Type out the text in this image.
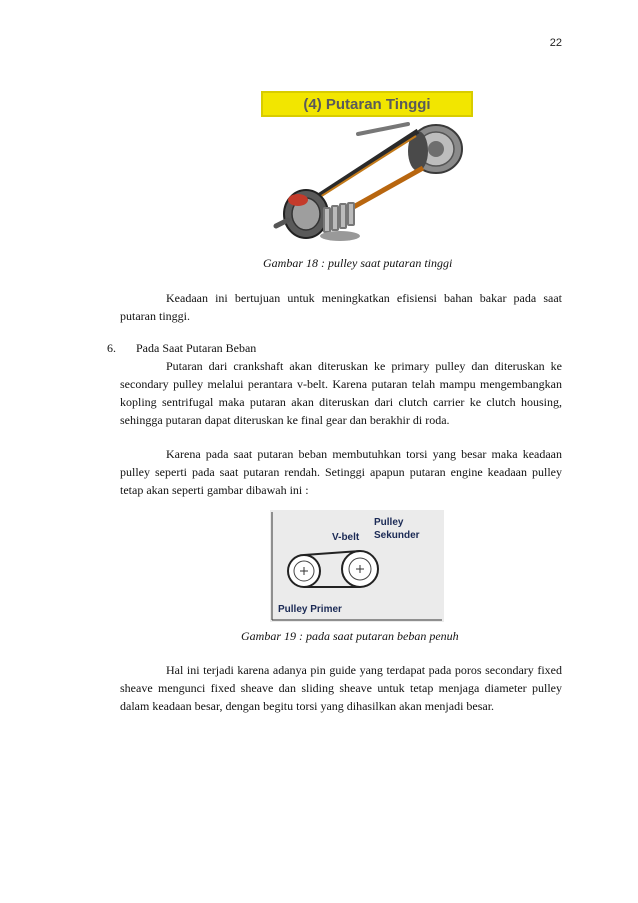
22
(4) Putaran Tinggi
Gambar 18 : pulley saat putaran tinggi

Keadaan ini bertujuan untuk meningkatkan efisiensi bahan bakar pada saat putaran tinggi.

6. Pada Saat Putaran Beban

Putaran dari crankshaft akan diteruskan ke primary pulley dan diteruskan ke secondary pulley melalui perantara v-belt. Karena putaran telah mampu mengembangkan kopling sentrifugal maka putaran akan diteruskan dari clutch carrier ke clutch housing, sehingga putaran dapat diteruskan ke final gear dan berakhir di roda.

Karena pada saat putaran beban membutuhkan torsi yang besar maka keadaan pulley seperti pada saat putaran rendah. Setinggi apapun putaran engine keadaan pulley tetap akan seperti gambar dibawah ini :

Pulley
Sekunder
V-belt
Pulley Primer
Gambar 19 : pada saat putaran beban penuh

Hal ini terjadi karena adanya pin guide yang terdapat pada poros secondary fixed sheave mengunci fixed sheave dan sliding sheave untuk tetap menjaga diameter pulley dalam keadaan besar, dengan begitu torsi yang dihasilkan akan menjadi besar.
